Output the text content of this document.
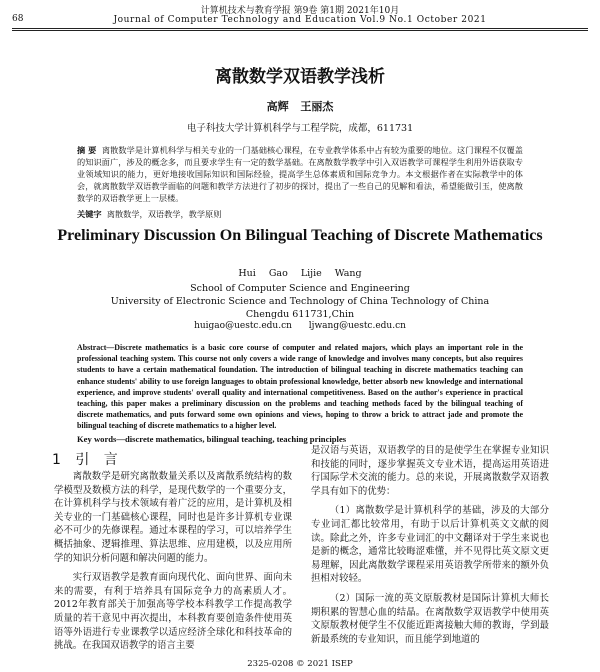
68
计算机技术与教育学报 第9卷 第1期 2021年10月
Journal of Computer Technology and Education Vol.9 No.1 October 2021
离散数学双语教学浅析
高辉 王丽杰
电子科技大学计算机科学与工程学院，成都，611731

摘 要 离散数学是计算机科学与相关专业的一门基础核心课程，在专业教学体系中占有较为重要的地位。这门课程不仅覆盖的知识面广，涉及的概念多，而且要求学生有一定的数学基础。在离散数学教学中引入双语教学可课程学生利用外语获取专业领域知识的能力，更好地接收国际知识和国际经验，提高学生总体素质和国际竞争力。本文根据作者在实际教学中的体会，就离散数学双语教学面临的问题和教学方法进行了初步的探讨，提出了一些自己的见解和看法，希望能做引玉，使离散数学的双语教学更上一层楼。

关键字 离散数学，双语教学，教学原则

Preliminary Discussion On Bilingual Teaching of Discrete Mathematics
Hui Gao Lijie Wang
School of Computer Science and Engineering
University of Electronic Science and Technology of China Technology of China
Chengdu 611731,Chin
huigao@uestc.edu.cn ljwang@uestc.edu.cn

Abstract—Discrete mathematics is a basic core course of computer and related majors, which plays an important role in the professional teaching system. This course not only covers a wide range of knowledge and involves many concepts, but also requires students to have a certain mathematical foundation. The introduction of bilingual teaching in discrete mathematics teaching can enhance students' ability to use foreign languages to obtain professional knowledge, better absorb new knowledge and international experience, and improve students' overall quality and international competitiveness. Based on the author's experience in practical teaching, this paper makes a preliminary discussion on the problems and teaching methods faced by the bilingual teaching of discrete mathematics, and puts forward some own opinions and views, hoping to throw a brick to attract jade and promote the bilingual teaching of discrete mathematics to a higher level.

Key words—discrete mathematics, bilingual teaching, teaching principles

1 引 言

离散数学是研究离散数量关系以及离散系统结构的数学模型及数模方法的科学，是现代数学的一个重要分支，在计算机科学与技术领域有着广泛的应用，是计算机及相关专业的一门基础核心课程，同时也是许多计算机专业课必不可少的先修课程。通过本课程的学习，可以培养学生概括抽象、逻辑推理、算法思维、应用建模，以及应用所学的知识分析问题和解决问题的能力。

实行双语教学是教育面向现代化、面向世界、面向未来的需要，有利于培养具有国际竞争力的高素质人才。2012年教育部关于加强高等学校本科教学工作提高教学质量的若干意见中再次提出，本科教育要创造条件使用英语等外语进行专业课教学以适应经济全球化和科技革命的挑战。在我国双语教学的语言主要

是汉语与英语，双语教学的目的是使学生在掌握专业知识和技能的同时，逐步掌握英文专业术语，提高运用英语进行国际学术交流的能力。总的来说，开展离散数学双语教学具有如下的优势：

（1）离散数学是计算机科学的基础，涉及的大部分专业词汇都比较常用，有助于以后计算机英文文献的阅读。除此之外，许多专业词汇的中文翻译对于学生来说也是新的概念，通常比较晦涩难懂，并不见得比英文原文更易理解，因此离散数学课程采用英语教学所带来的额外负担相对较轻。

（2）国际一流的英文原版教材是国际计算机大师长期积累的智慧心血的结晶。在离散数学双语教学中使用英文原版教材便学生不仅能近距离接触大师的教诲，学到最新最系统的专业知识，而且能学到地道的

2325-0208 © 2021 ISEP
